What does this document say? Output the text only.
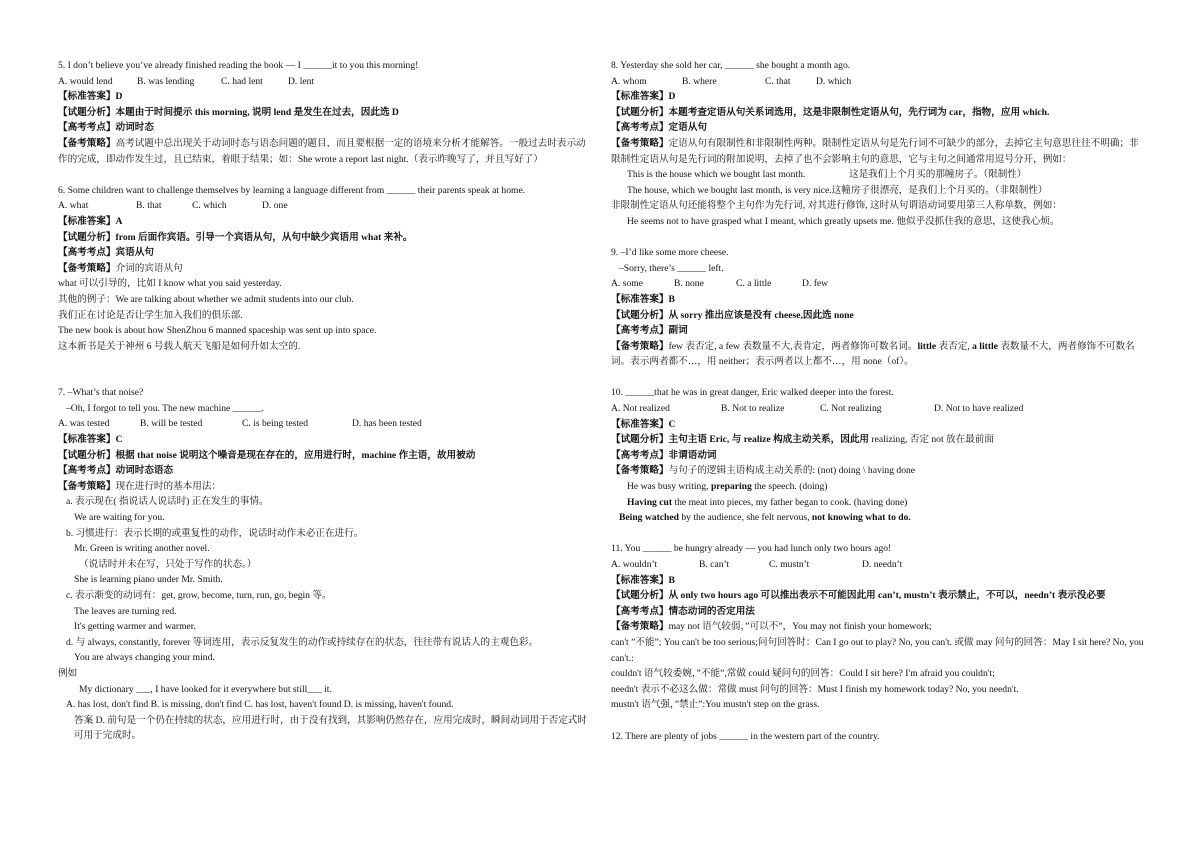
5. I don’t believe you’ve already finished reading the book — I ______it to you this morning!
A. would lend	B. was lending	C. had lent	D. lent
【标准答案】D
【试题分析】本题由于时间提示 this morning, 说明 lend 是发生在过去，因此选 D
【高考考点】动词时态
【备考策略】高考试题中总出现关于动词时态与语态问题的题目，而且要根据一定的语境来分析才能解答。一般过去时表示动作的完成，即动作发生过，且已结束，着眼于结果；如：She wrote a report last night.（表示昨晚写了，并且写好了）
6. Some children want to challenge themselves by learning a language different from ______ their parents speak at home.
A. what	B. that	C. which	D. one
【标准答案】A
【试题分析】from 后面作宾语。引导一个宾语从句，从句中缺少宾语用 what 来补。
【高考考点】宾语从句
【备考策略】介词的宾语从句
what 可以引导的，比如 I know what you said yesterday.
其他的例子：We are talking about whether we admit students into our club.
我们正在讨论是否让学生加入我们的俱乐部.
The new book is about how ShenZhou 6 manned spaceship was sent up into space.
这本新书是关于神州 6 号载人航天飞船是如何升如太空的.
7. –What’s that noise?
–Oh, I forgot to tell you. The new machine ______.
A. was tested	B. will be tested	C. is being tested	D. has been tested
【标准答案】C
【试题分析】根据 that noise 说明这个噪音是现在存在的，应用进行时，machine 作主语，故用被动
【高考考点】动词时态语态
【备考策略】现在进行时的基本用法：
a. 表示现在( 指说话人说话时) 正在发生的事情。
We are waiting for you.
b. 习惯进行：表示长期的或重复性的动作，说话时动作未必正在进行。
Mr. Green is writing another novel.
（说话时并未在写，只处于写作的状态。）
She is learning piano under Mr. Smith.
c. 表示渐变的动词有：get, grow, become, turn, run, go, begin 等。
The leaves are turning red.
It's getting warmer and warmer.
d. 与 always, constantly, forever 等词连用，表示反复发生的动作或持续存在的状态，往往带有说话人的主观色彩。
You are always changing your mind.
例如
My dictionary ___, I have looked for it everywhere but still___ it.
A. has lost, don't find B. is missing, don't find C. has lost, haven't found D. is missing, haven't found.
答案 D. 前句是一个仍在持续的状态，应用进行时，由于没有找到，其影响仍然存在，应用完成时，瞬间动词用于否定式时可用于完成时。
8. Yesterday she sold her car, ______ she bought a month ago.
A. whom	B. where	C. that	D. which
【标准答案】D
【试题分析】本题考查定语从句关系词选用，这是非限制性定语从句，先行词为 car，指物，应用 which.
【高考考点】定语从句
【备考策略】定语从句有限制性和非限制性两种。限制性定语从句是先行词不可缺少的部分，去掉它主句意思往往不明确；非限制性定语从句是先行词的附加说明，去掉了也不会影响主句的意思，它与主句之间通常用逗号分开，例如：
This is the house which we bought last month.	这是我们上个月买的那幢房子。（限制性）
The house, which we bought last month, is very nice.这幢房子很漂亮，是我们上个月买的。（非限制性）
非限制性定语从句还能将整个主句作为先行词, 对其进行修饰, 这时从句谓语动词要用第三人称单数，例如：
He seems not to have grasped what I meant, which greatly upsets me. 他似乎没抓住我的意思，这使我心烦。
9. –I’d like some more cheese.
–Sorry, there’s ______ left.
A. some	B. none	C. a little	D. few
【标准答案】B
【试题分析】从 sorry 推出应该是没有 cheese,因此选 none
【高考考点】副词
【备考策略】few 表否定, a few 表数量不大,表肯定，两者修饰可数名词。little 表否定, a little 表数量不大，两者修饰不可数名词。表示两者都不…，用 neither；表示两者以上都不…，用 none（of）。
10. ______that he was in great danger, Eric walked deeper into the forest.
A. Not realized	B. Not to realize	C. Not realizing	D. Not to have realized
【标准答案】C
【试题分析】主句主语 Eric, 与 realize 构成主动关系，因此用 realizing, 否定 not 放在最前面
【高考考点】非谓语动词
【备考策略】与句子的逻辑主语构成主动关系的: (not) doing \ having done
He was busy writing, preparing the speech. (doing)
Having cut the meat into pieces, my father began to cook. (having done)
Being watched by the audience, she felt nervous, not knowing what to do.
11. You ______ be hungry already — you had lunch only two hours ago!
A. wouldn’t	B. can’t	C. mustn’t	D. needn’t
【标准答案】B
【试题分析】从 only two hours ago 可以推出表示不可能因此用 can’t, mustn’t 表示禁止，不可以，needn’t 表示没必要
【高考考点】情态动词的否定用法
【备考策略】may not 语气较弱，”可以不”，You may not finish your homework;
can't ”不能”; You can't be too serious;问句回答时：Can I go out to play? No, you can't. 或做 may 问句的回答：May I sit here? No, you can't.:
couldn't 语气较委婉，”不能”,常做 could 疑问句的回答：Could I sit here? I'm afraid you couldn't;
needn't 表示不必这么做：常做 must 问句的回答：Must I finish my homework today? No, you needn't.
mustn't 语气强，”禁止”:You mustn't step on the grass.
12. There are plenty of jobs ______ in the western part of the country.
